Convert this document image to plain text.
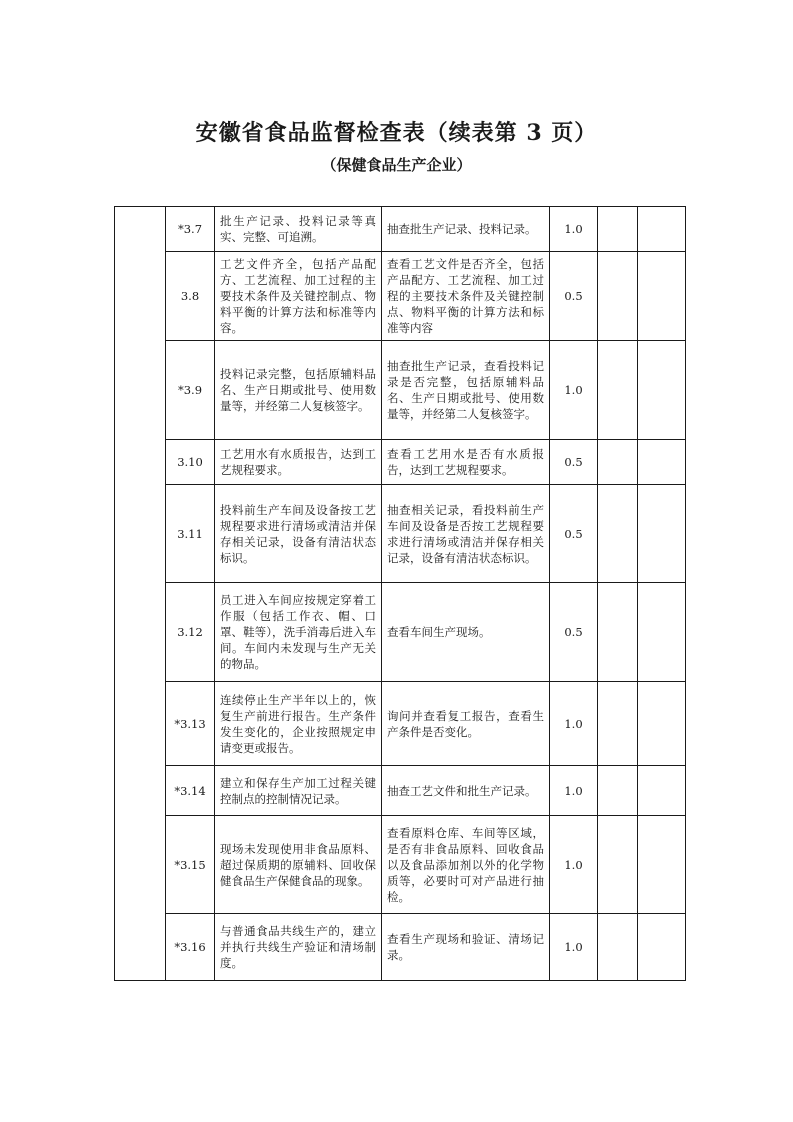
安徽省食品监督检查表（续表第 3 页）
（保健食品生产企业）
	*3.7	批生产记录、投料记录等真实、完整、可追溯。	抽查批生产记录、投料记录。	1.0		
	3.8	工艺文件齐全，包括产品配方、工艺流程、加工过程的主要技术条件及关键控制点、物料平衡的计算方法和标准等内容。	查看工艺文件是否齐全，包括产品配方、工艺流程、加工过程的主要技术条件及关键控制点、物料平衡的计算方法和标准等内容	0.5		
	*3.9	投料记录完整，包括原辅料品名、生产日期或批号、使用数量等，并经第二人复核签字。	抽查批生产记录，查看投料记录是否完整，包括原辅料品名、生产日期或批号、使用数量等，并经第二人复核签字。	1.0		
	3.10	工艺用水有水质报告，达到工艺规程要求。	查看工艺用水是否有水质报告，达到工艺规程要求。	0.5		
	3.11	投料前生产车间及设备按工艺规程要求进行清场或清洁并保存相关记录，设备有清洁状态标识。	抽查相关记录，看投料前生产车间及设备是否按工艺规程要求进行清场或清洁并保存相关记录，设备有清洁状态标识。	0.5		
	3.12	员工进入车间应按规定穿着工作服（包括工作衣、帽、口罩、鞋等），洗手消毒后进入车间。车间内未发现与生产无关的物品。	查看车间生产现场。	0.5		
	*3.13	连续停止生产半年以上的，恢复生产前进行报告。生产条件发生变化的，企业按照规定申请变更或报告。	询问并查看复工报告，查看生产条件是否变化。	1.0		
	*3.14	建立和保存生产加工过程关键控制点的控制情况记录。	抽查工艺文件和批生产记录。	1.0		
	*3.15	现场未发现使用非食品原料、超过保质期的原辅料、回收保健食品生产保健食品的现象。	查看原料仓库、车间等区域，是否有非食品原料、回收食品以及食品添加剂以外的化学物质等，必要时可对产品进行抽检。	1.0		
	*3.16	与普通食品共线生产的，建立并执行共线生产验证和清场制度。	查看生产现场和验证、清场记录。	1.0		
